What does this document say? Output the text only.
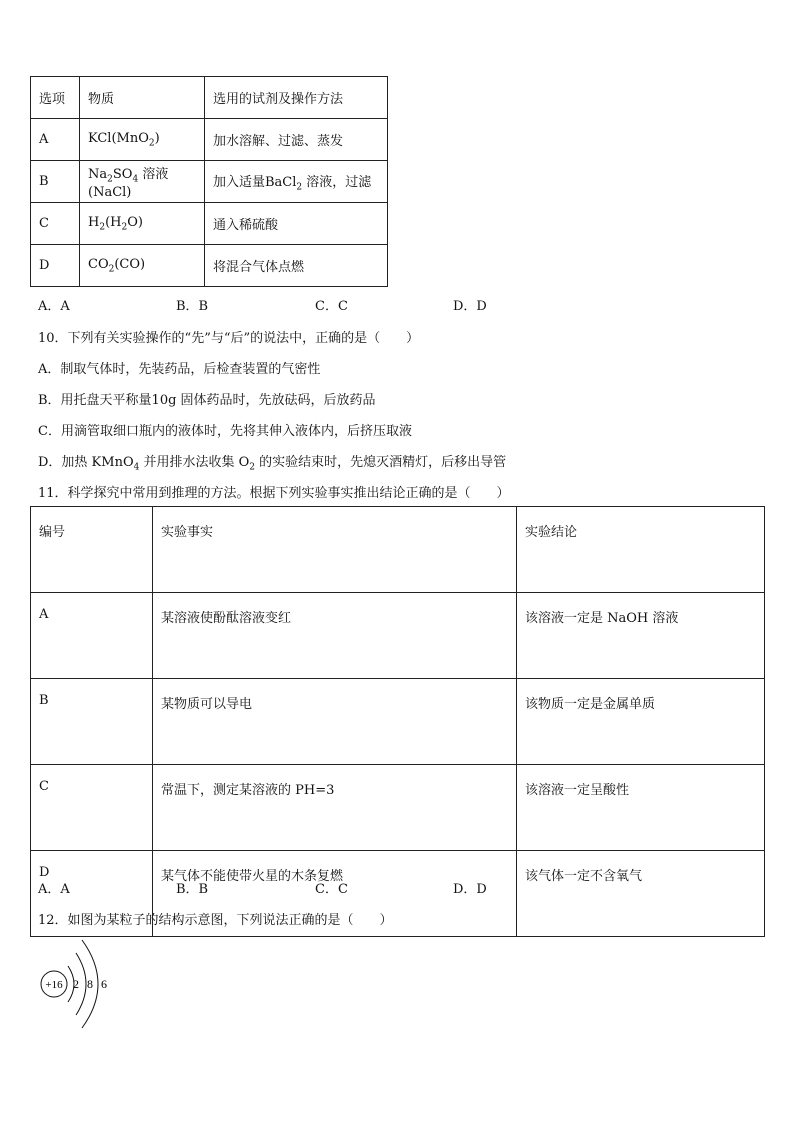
选项	物质	选用的试剂及操作方法
A	KCl(MnO$_2$)	加水溶解、过滤、蒸发
B	$Na_2SO_4$ 溶液(NaCl)	加入适量BaCl$_2$ 溶液，过滤
C	$H_2(H_2O)$	通入稀硫酸
D	$CO_2(CO)$	将混合气体点燃
A．A	B．B	C．C	D．D
10．下列有关实验操作的“先”与“后”的说法中，正确的是（　　）
A．制取气体时，先装药品，后检查装置的气密性
B．用托盘天平称量10g 固体药品时，先放砝码，后放药品
C．用滴管取细口瓶内的液体时，先将其伸入液体内，后挤压取液
D．加热 KMnO$_4$ 并用排水法收集 $O_2$ 的实验结束时，先熄灭酒精灯，后移出导管
11．科学探究中常用到推理的方法。根据下列实验事实推出结论正确的是（　　）
编号	实验事实	实验结论
A	某溶液使酚酞溶液变红	该溶液一定是 NaOH 溶液
B	某物质可以导电	该物质一定是金属单质
C	常温下，测定某溶液的 PH=3	该溶液一定呈酸性
D	某气体不能使带火星的木条复燃	该气体一定不含氧气
A．A	B．B	C．C	D．D
12．如图为某粒子的结构示意图，下列说法正确的是（　　）
+16 2 8 6
